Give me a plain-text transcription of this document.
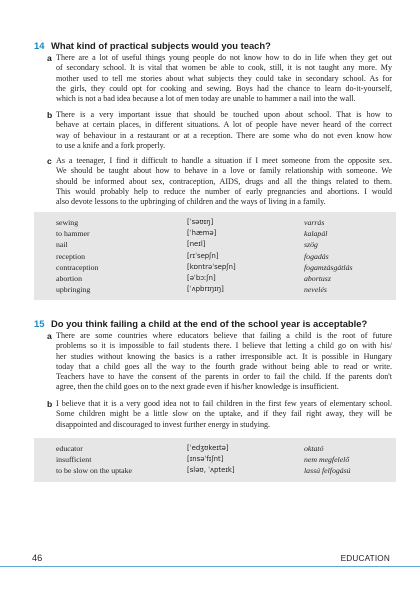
14 What kind of practical subjects would you teach?
a There are a lot of useful things young people do not know how to do in life when they get out
of secondary school. It is vital that women be able to cook, still, it is not taught any more. My
mother used to tell me stories about what subjects they could take in secondary school. As for
the girls, they could opt for cooking and sewing. Boys had the chance to learn do-it-yourself,
which is not a bad idea because a lot of men today are unable to hammer a nail into the wall.
b There is a very important issue that should be touched upon about school. That is how to
behave at certain places, in different situations. A lot of people have never heard of the correct
way of behaviour in a restaurant or at a reception. There are some who do not even know how
to use a knife and a fork properly.
c As a teenager, I find it difficult to handle a situation if I meet someone from the opposite sex.
We should be taught about how to behave in a love or family relationship with someone. We
should be informed about sex, contraception, AIDS, drugs and all the things related to them.
This would probably help to reduce the number of early pregnancies and abortions. I would
also devote lessons to the upbringing of children and the ways of living in a family.
sewing	[ˈsəʊɪŋ]	varrás
to hammer	[ˈhæmə]	kalapál
nail	[neɪl]	szög
reception	[rɪˈsepʃn]	fogadás
contraception	[kɒntrəˈsepʃn]	fogamzásgátlás
abortion	[əˈbɔːʃn]	abortusz
upbringing	[ˈʌpbrɪŋɪŋ]	nevelés
15 Do you think failing a child at the end of the school year is acceptable?
a There are some countries where educators believe that failing a child is the root of future
problems so it is impossible to fail students there. I believe that letting a child go on with his/
her studies without knowing the basics is a rather irresponsible act. It is possible in Hungary
today that a child goes all the way to the fourth grade without being able to read or write.
Teachers have to have the consent of the parents in order to fail the child. If the parents don't
agree, then the child goes on to the next grade even if his/her knowledge is insufficient.
b I believe that it is a very good idea not to fail children in the first few years of elementary school.
Some children might be a little slow on the uptake, and if they fail right away, they will be
disappointed and discouraged to invest further energy in studying.
educator	[ˈedʒʊkeɪtə]	oktató
insufficient	[ɪnsəˈfɪʃnt]	nem megfelelő
to be slow on the uptake	[sləʊ, ˈʌpteɪk]	lassú felfogású
46	EDUCATION
